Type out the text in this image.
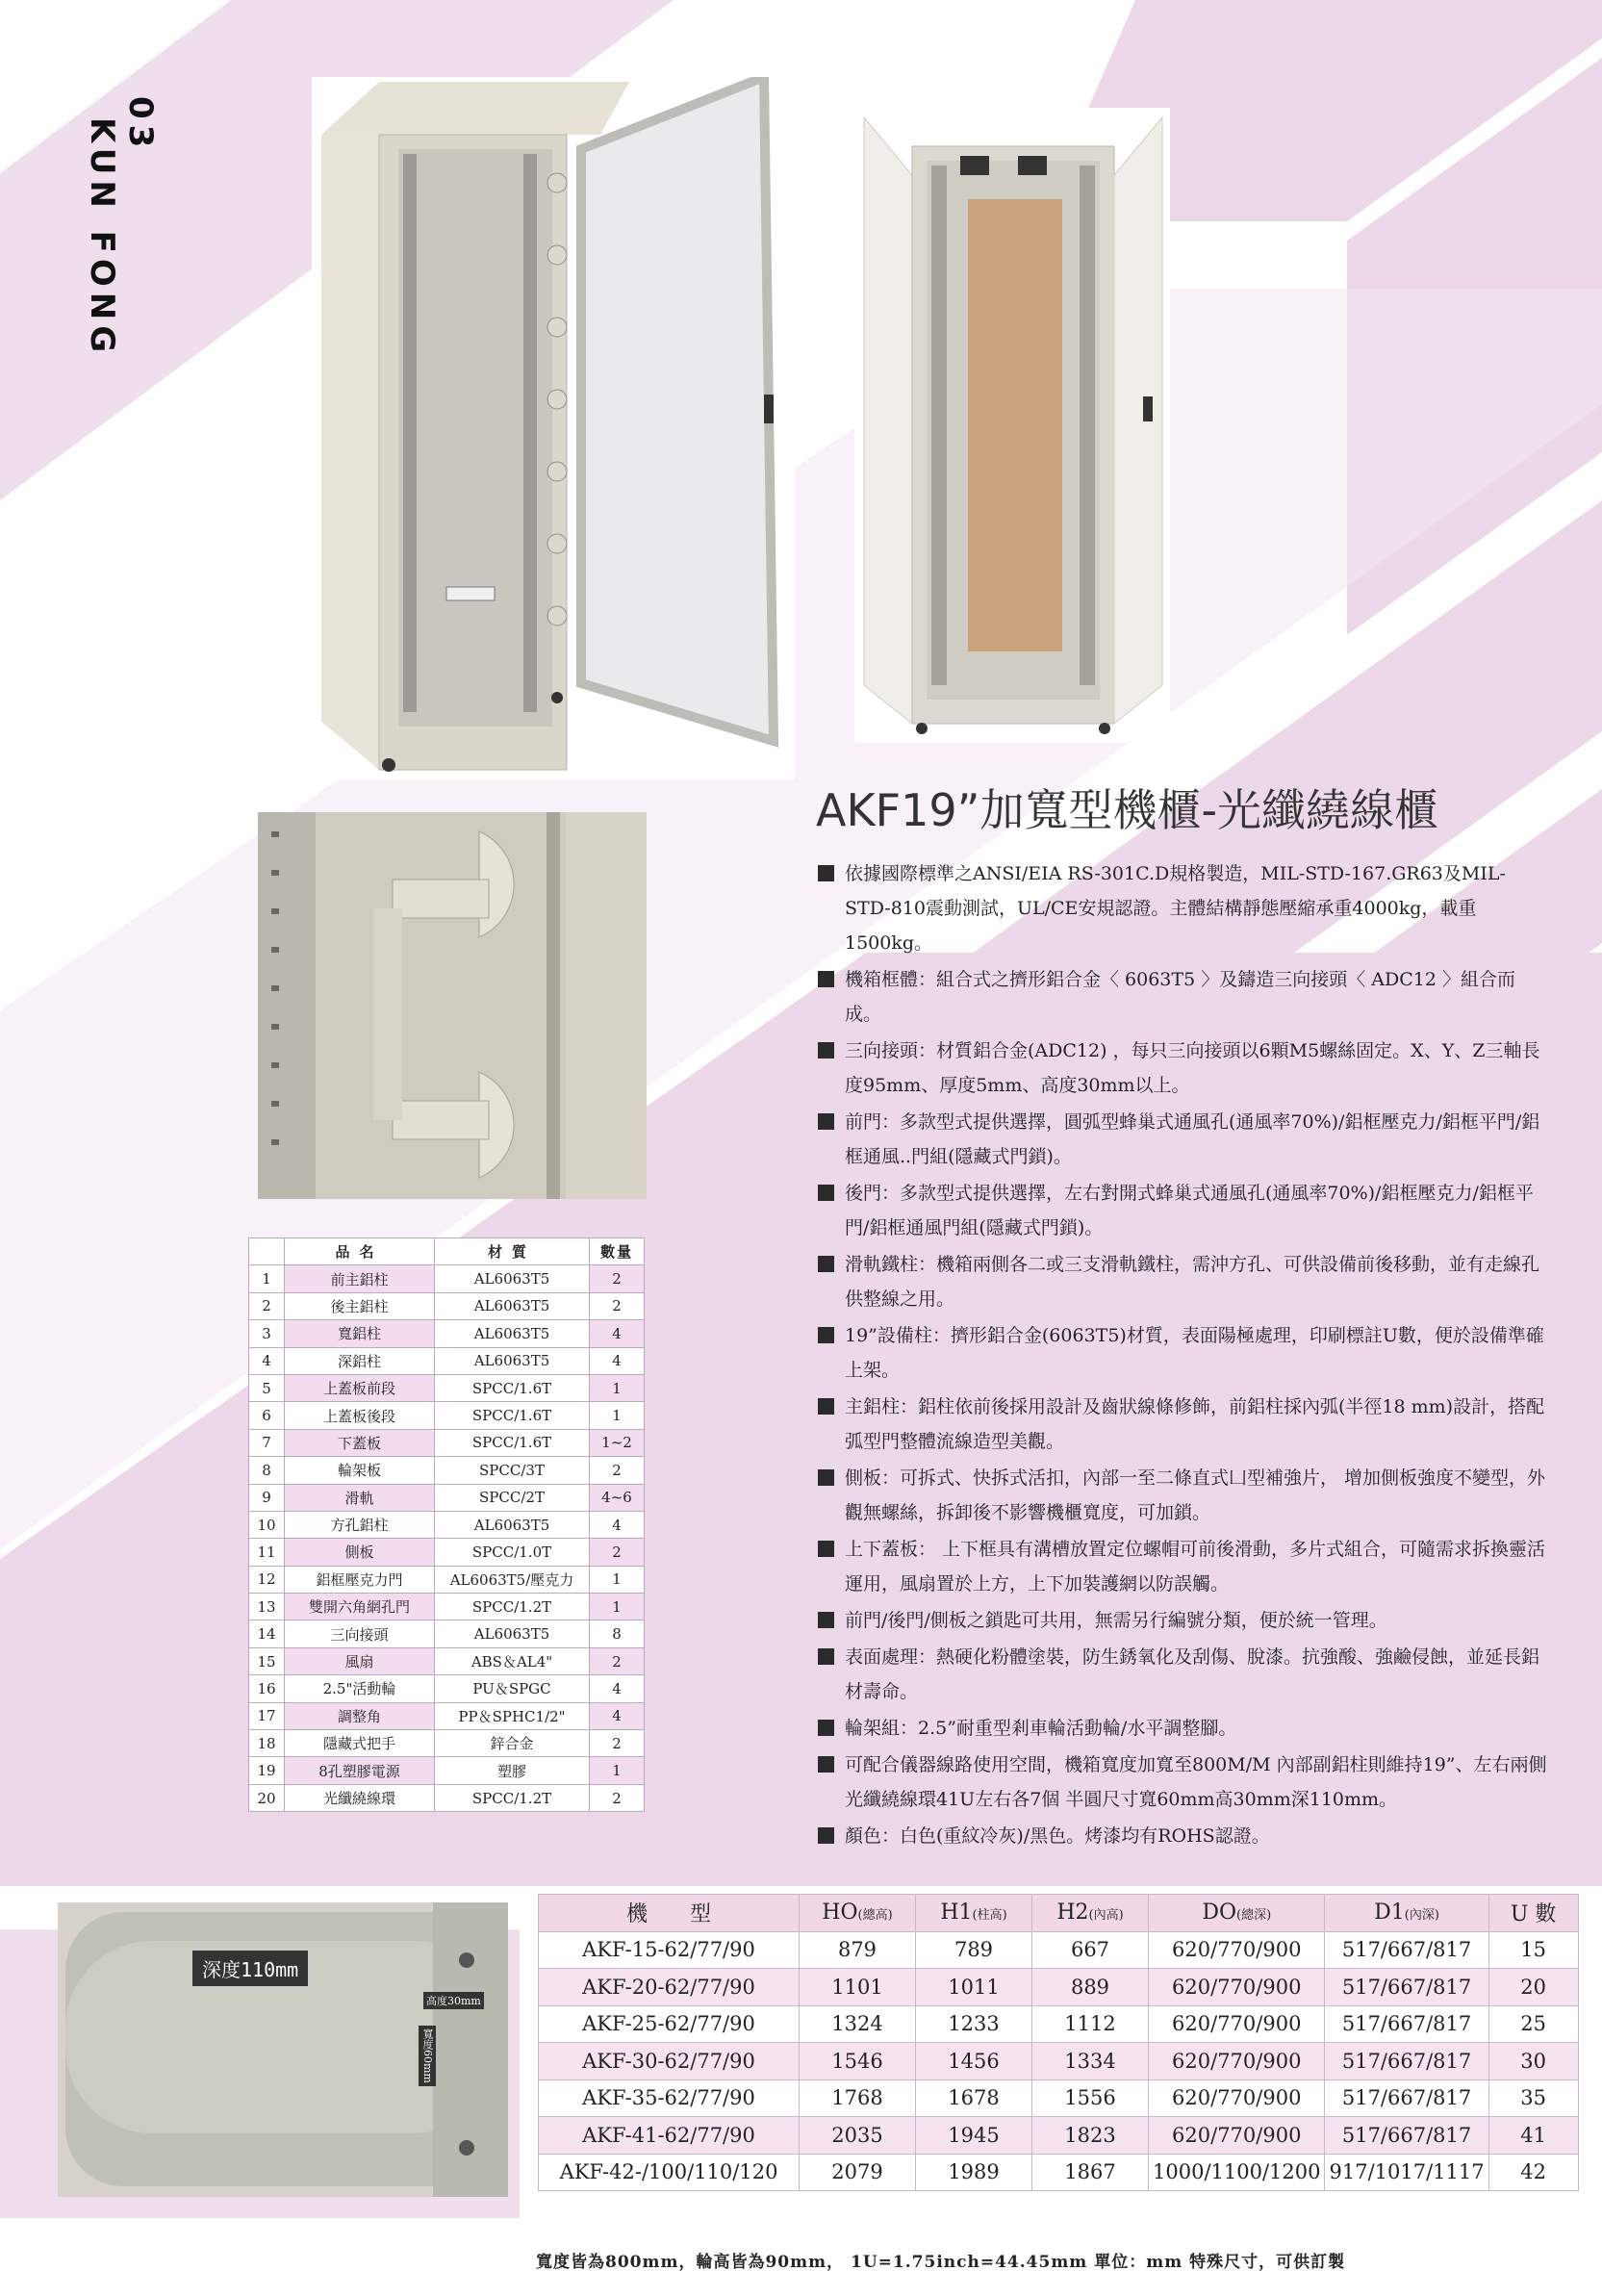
03
KUN FONG
深度110mm
高度30mm
寬度60mm
AKF19”加寬型機櫃-光纖繞線櫃

依據國際標準之ANSI/EIA RS-301C.D規格製造，MIL-STD-167.GR63及MIL-STD-810震動測試，UL/CE安規認證。主體結構靜態壓縮承重4000kg，載重1500kg。

機箱框體：組合式之擠形鋁合金〈 6063T5 〉及鑄造三向接頭〈 ADC12 〉組合而成。

三向接頭：材質鋁合金(ADC12) ，每只三向接頭以6顆M5螺絲固定。X、Y、Z三軸長度95mm、厚度5mm、高度30mm以上。

前門：多款型式提供選擇，圓弧型蜂巢式通風孔(通風率70%)/鋁框壓克力/鋁框平門/鋁框通風..門組(隱藏式門鎖)。

後門：多款型式提供選擇，左右對開式蜂巢式通風孔(通風率70%)/鋁框壓克力/鋁框平門/鋁框通風門組(隱藏式門鎖)。

滑軌鐵柱：機箱兩側各二或三支滑軌鐵柱，需沖方孔、可供設備前後移動，並有走線孔供整線之用。

19”設備柱：擠形鋁合金(6063T5)材質，表面陽極處理，印刷標註U數，便於設備準確上架。

主鋁柱：鋁柱依前後採用設計及齒狀線條修飾，前鋁柱採內弧(半徑18 mm)設計，搭配弧型門整體流線造型美觀。

側板：可拆式、快拆式活扣，內部一至二條直式凵型補強片， 增加側板強度不變型，外觀無螺絲，拆卸後不影響機櫃寬度，可加鎖。

上下蓋板： 上下框具有溝槽放置定位螺帽可前後滑動，多片式組合，可隨需求拆換靈活運用，風扇置於上方，上下加裝護網以防誤觸。

前門/後門/側板之鎖匙可共用，無需另行編號分類，便於統一管理。

表面處理：熱硬化粉體塗裝，防生銹氧化及刮傷、脫漆。抗強酸、強鹼侵蝕，並延長鋁材壽命。

輪架組：2.5”耐重型剎車輪活動輪/水平調整腳。

可配合儀器線路使用空間，機箱寬度加寬至800M/M 內部副鋁柱則維持19”、左右兩側光纖繞線環41U左右各7個 半圓尺寸寬60mm高30mm深110mm。

顏色：白色(重紋冷灰)/黑色。烤漆均有ROHS認證。

	品名	材質	數量
1	前主鋁柱	AL6063T5	2
2	後主鋁柱	AL6063T5	2
3	寬鋁柱	AL6063T5	4
4	深鋁柱	AL6063T5	4
5	上蓋板前段	SPCC/1.6T	1
6	上蓋板後段	SPCC/1.6T	1
7	下蓋板	SPCC/1.6T	1~2
8	輪架板	SPCC/3T	2
9	滑軌	SPCC/2T	4~6
10	方孔鋁柱	AL6063T5	4
11	側板	SPCC/1.0T	2
12	鋁框壓克力門	AL6063T5/壓克力	1
13	雙開六角網孔門	SPCC/1.2T	1
14	三向接頭	AL6063T5	8
15	風扇	ABS＆AL4"	2
16	2.5"活動輪	PU＆SPGC	4
17	調整角	PP＆SPHC1/2"	4
18	隱藏式把手	鋅合金	2
19	8孔塑膠電源	塑膠	1
20	光纖繞線環	SPCC/1.2T	2
機　　型	HO(總高)	H1(柱高)	H2(內高)	DO(總深)	D1(內深)	U 數
AKF-15-62/77/90	879	789	667	620/770/900	517/667/817	15
AKF-20-62/77/90	1101	1011	889	620/770/900	517/667/817	20
AKF-25-62/77/90	1324	1233	1112	620/770/900	517/667/817	25
AKF-30-62/77/90	1546	1456	1334	620/770/900	517/667/817	30
AKF-35-62/77/90	1768	1678	1556	620/770/900	517/667/817	35
AKF-41-62/77/90	2035	1945	1823	620/770/900	517/667/817	41
AKF-42-/100/110/120	2079	1989	1867	1000/1100/1200	917/1017/1117	42
寬度皆為800mm，輪高皆為90mm， 1U=1.75inch=44.45mm 單位：mm 特殊尺寸，可供訂製
